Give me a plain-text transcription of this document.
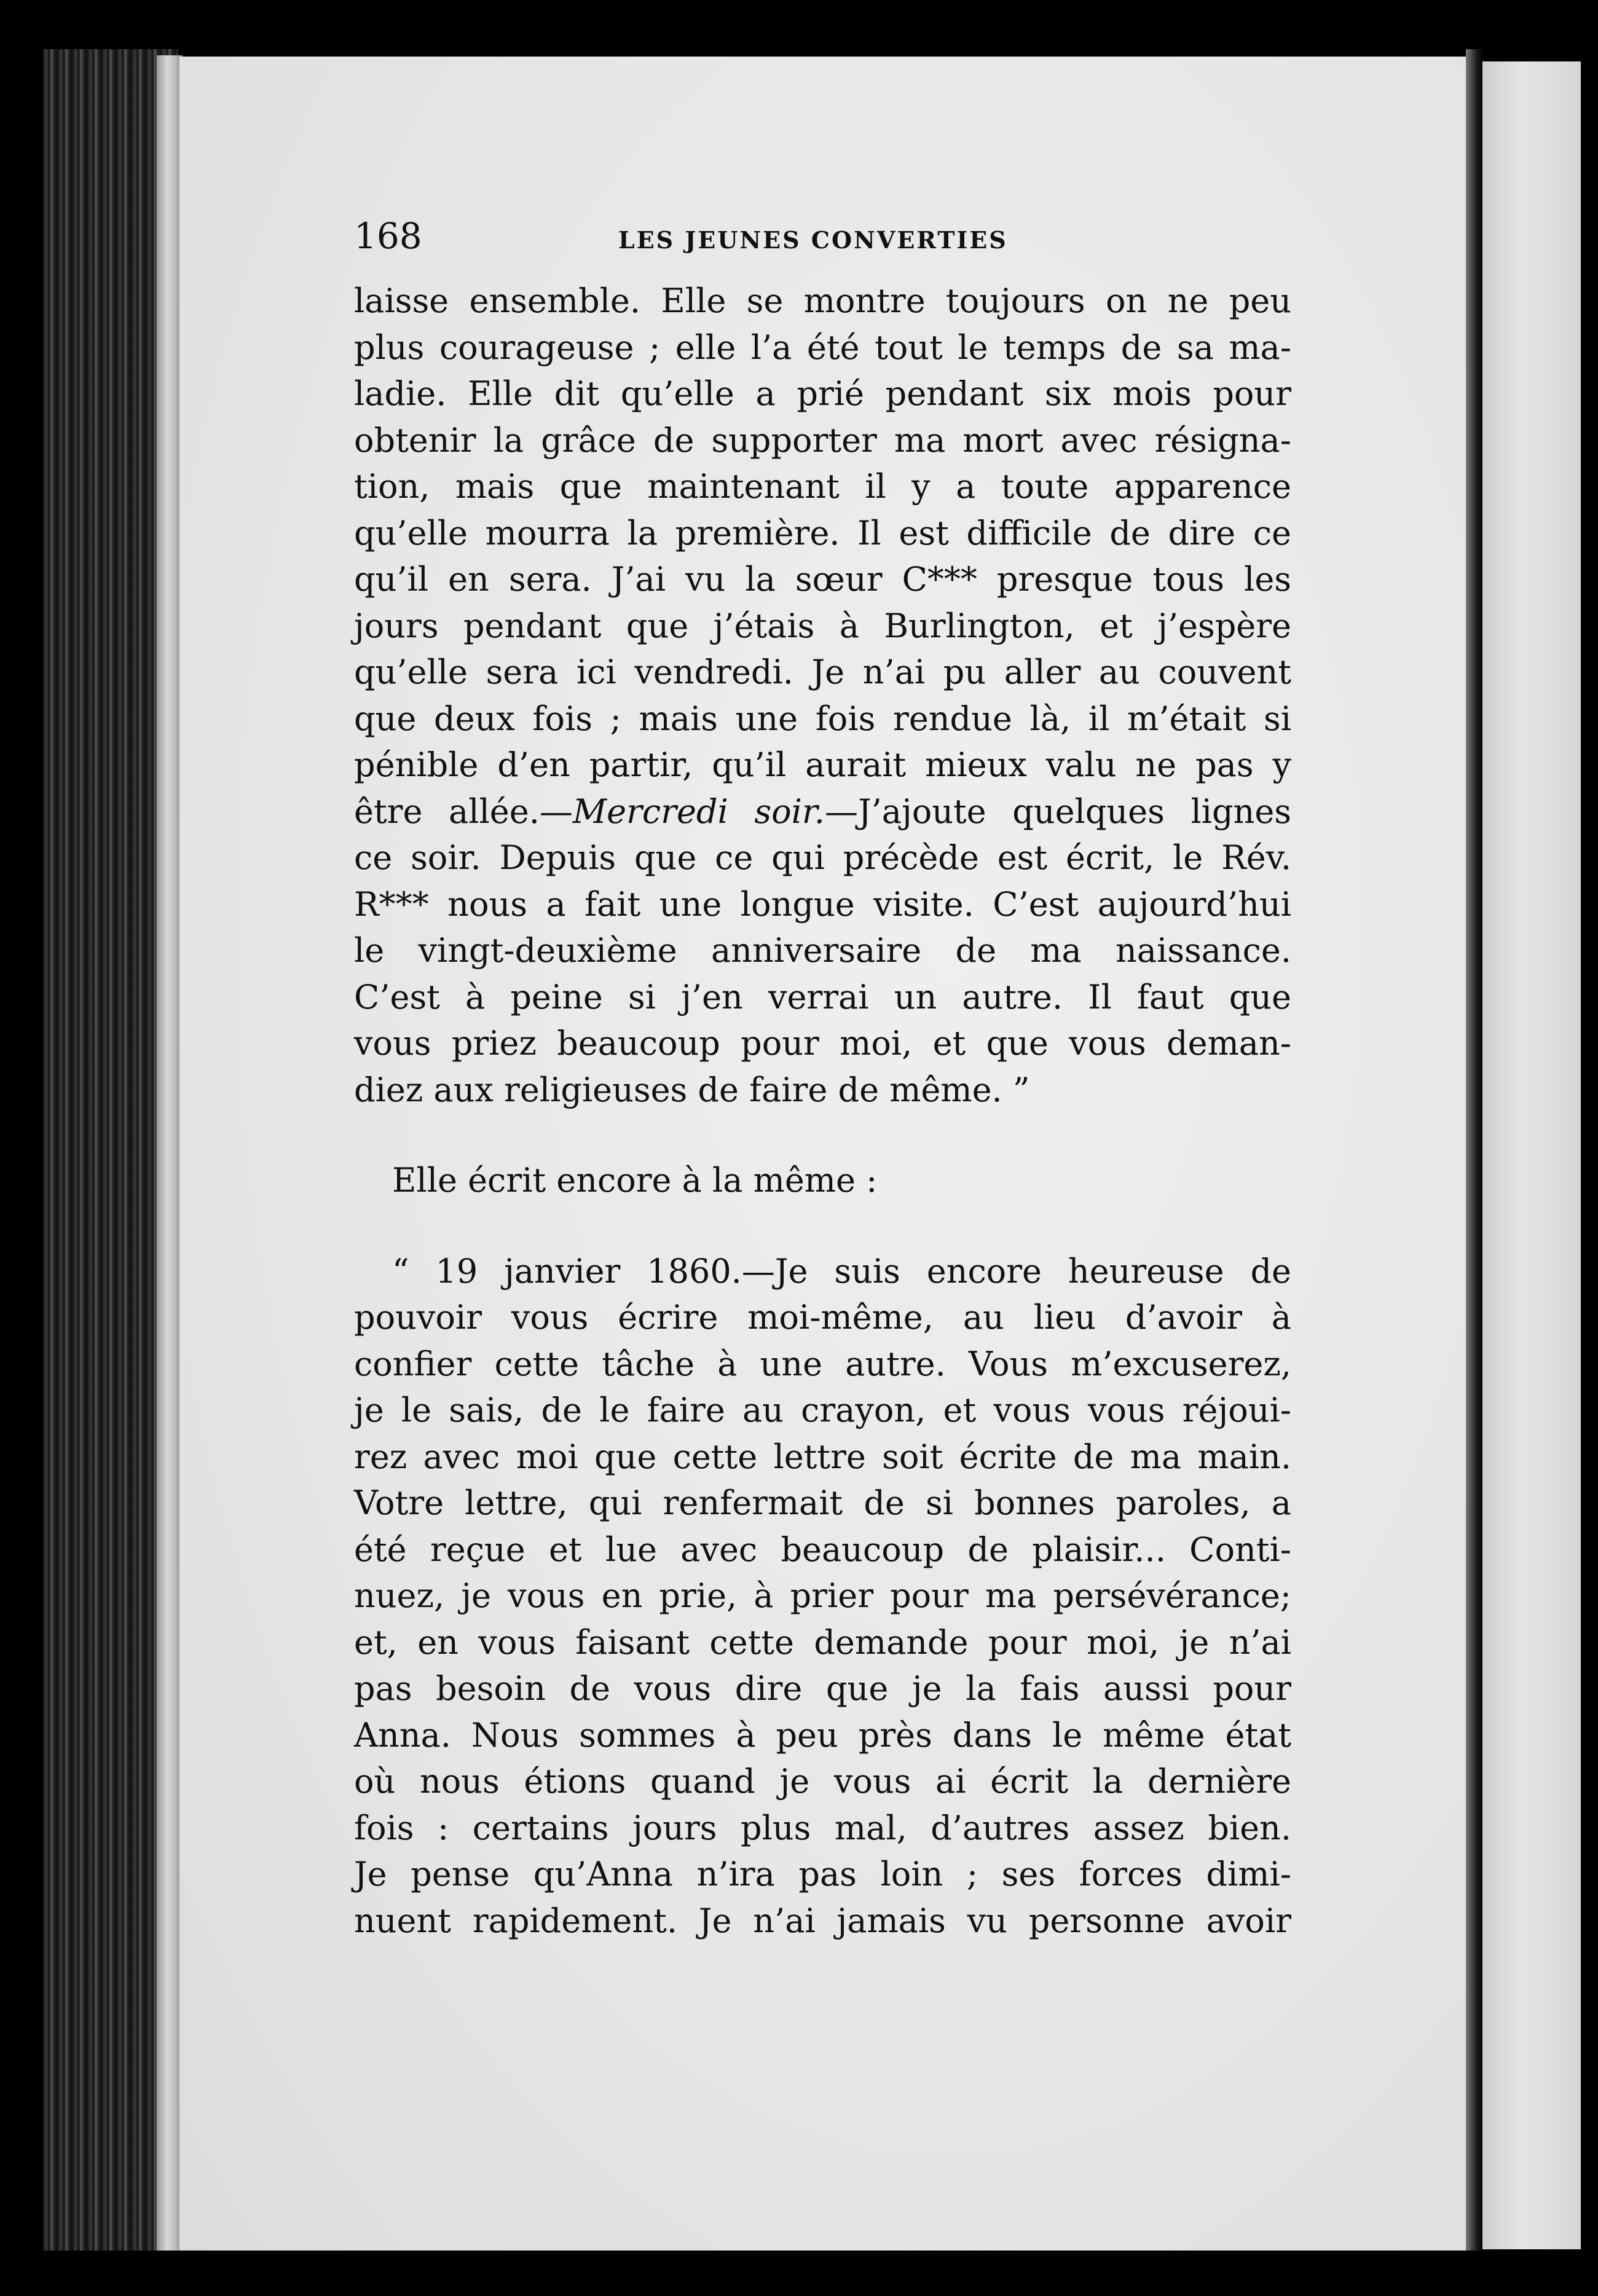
168	LES JEUNES CONVERTIES

laisse ensemble. Elle se montre toujours on ne peu
plus courageuse ; elle l’a été tout le temps de sa ma-
ladie. Elle dit qu’elle a prié pendant six mois pour
obtenir la grâce de supporter ma mort avec résigna-
tion, mais que maintenant il y a toute apparence
qu’elle mourra la première. Il est difficile de dire ce
qu’il en sera. J’ai vu la sœur C*** presque tous les
jours pendant que j’étais à Burlington, et j’espère
qu’elle sera ici vendredi. Je n’ai pu aller au couvent
que deux fois ; mais une fois rendue là, il m’était si
pénible d’en partir, qu’il aurait mieux valu ne pas y
être allée.—Mercredi soir.—J’ajoute quelques lignes
ce soir. Depuis que ce qui précède est écrit, le Rév.
R*** nous a fait une longue visite. C’est aujourd’hui
le vingt-deuxième anniversaire de ma naissance.
C’est à peine si j’en verrai un autre. Il faut que
vous priez beaucoup pour moi, et que vous deman-
diez aux religieuses de faire de même. ”

Elle écrit encore à la même :

“ 19 janvier 1860.—Je suis encore heureuse de
pouvoir vous écrire moi-même, au lieu d’avoir à
confier cette tâche à une autre. Vous m’excuserez,
je le sais, de le faire au crayon, et vous vous réjoui-
rez avec moi que cette lettre soit écrite de ma main.
Votre lettre, qui renfermait de si bonnes paroles, a
été reçue et lue avec beaucoup de plaisir... Conti-
nuez, je vous en prie, à prier pour ma persévérance;
et, en vous faisant cette demande pour moi, je n’ai
pas besoin de vous dire que je la fais aussi pour
Anna. Nous sommes à peu près dans le même état
où nous étions quand je vous ai écrit la dernière
fois : certains jours plus mal, d’autres assez bien.
Je pense qu’Anna n’ira pas loin ; ses forces dimi-
nuent rapidement. Je n’ai jamais vu personne avoir
